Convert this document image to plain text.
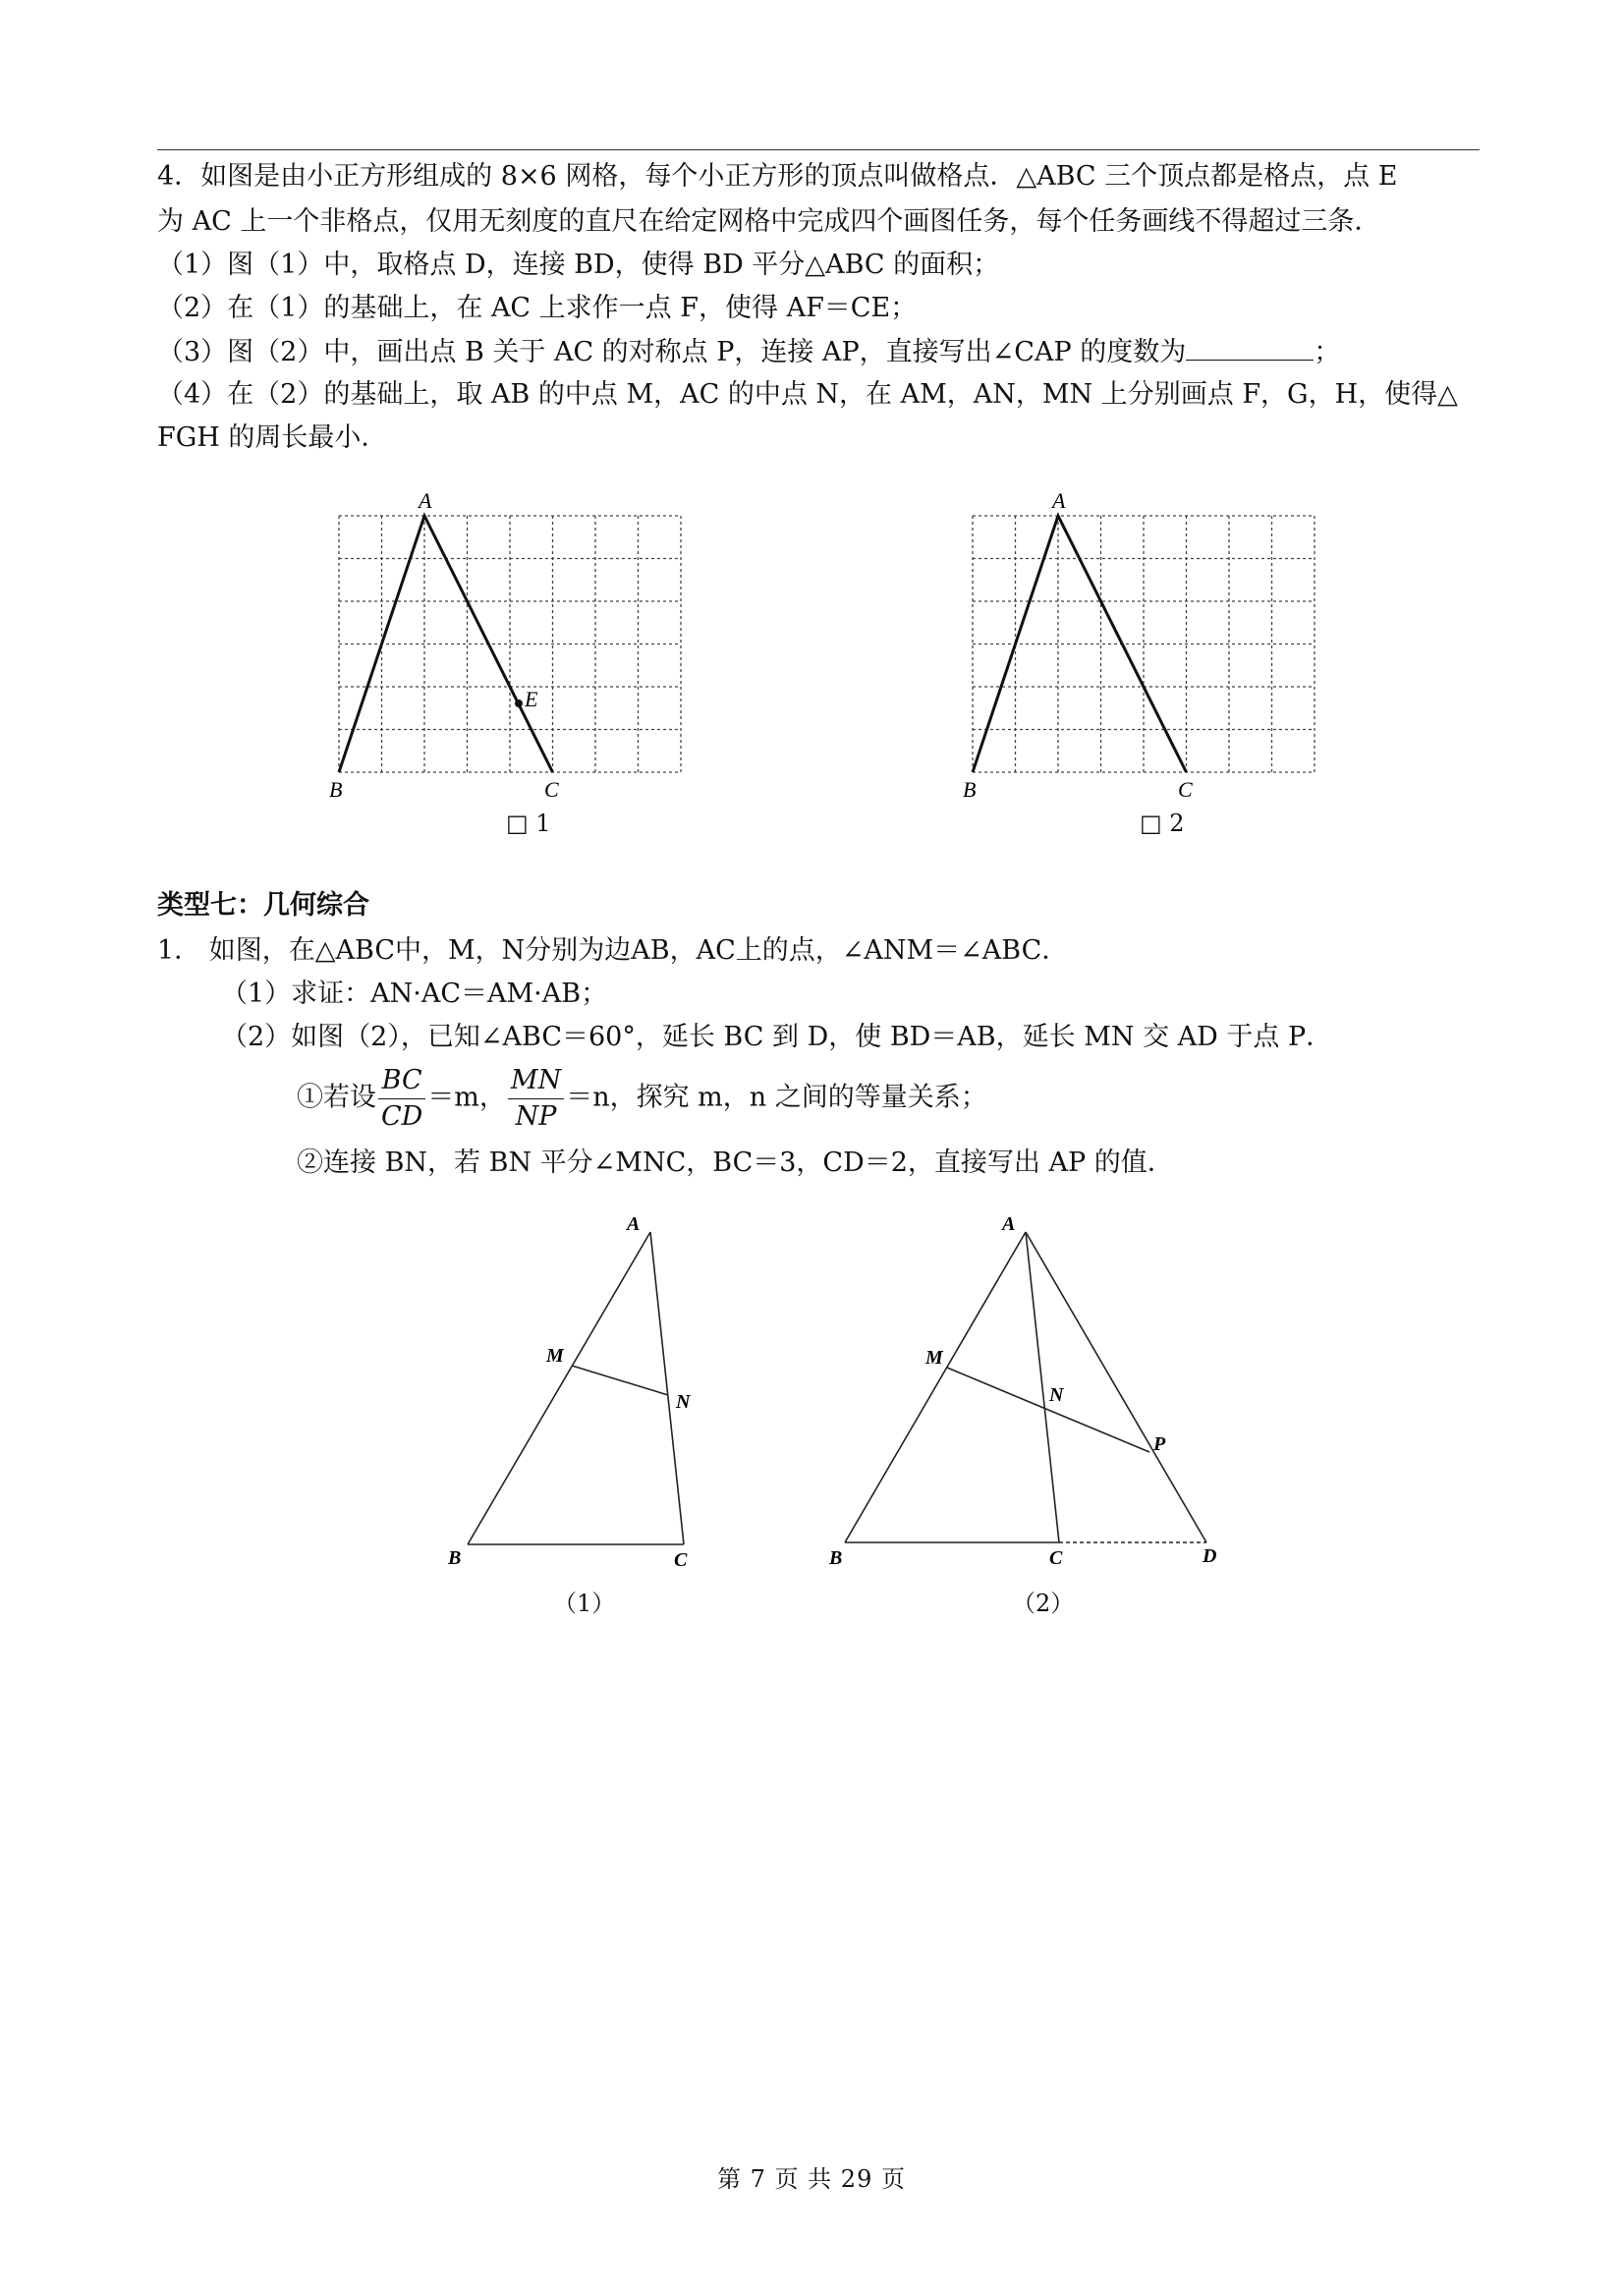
4．如图是由小正方形组成的 8×6 网格，每个小正方形的顶点叫做格点．△ABC 三个顶点都是格点，点 E
为 AC 上一个非格点，仅用无刻度的直尺在给定网格中完成四个画图任务，每个任务画线不得超过三条．
（1）图（1）中，取格点 D，连接 BD，使得 BD 平分△ABC 的面积；
（2）在（1）的基础上，在 AC 上求作一点 F，使得 AF＝CE；
（3）图（2）中，画出点 B 关于 AC 的对称点 P，连接 AP，直接写出∠CAP 的度数为	；
（4）在（2）的基础上，取 AB 的中点 M，AC 的中点 N，在 AM，AN，MN 上分别画点 F，G，H，使得△
FGH 的周长最小．
A
B	C
E
□ 1
A
B	C
□ 2
类型七：几何综合
1． 如图，在△ABC中，M，N分别为边AB，AC上的点，∠ANM＝∠ABC．
（1）求证：AN·AC＝AM·AB；
（2）如图（2），已知∠ABC＝60°，延长 BC 到 D，使 BD＝AB，延长 MN 交 AD 于点 P．
①若设 $\frac{BC}{CD} =m$， $\frac{MN}{NP} =n$，探究 m，n 之间的等量关系；
②连接 BN，若 BN 平分∠MNC，BC＝3，CD＝2，直接写出 AP 的值．
A
M
N
B	C
（1）
A
M
N
P
B	C	D
（2）
第 7 页 共 29 页
